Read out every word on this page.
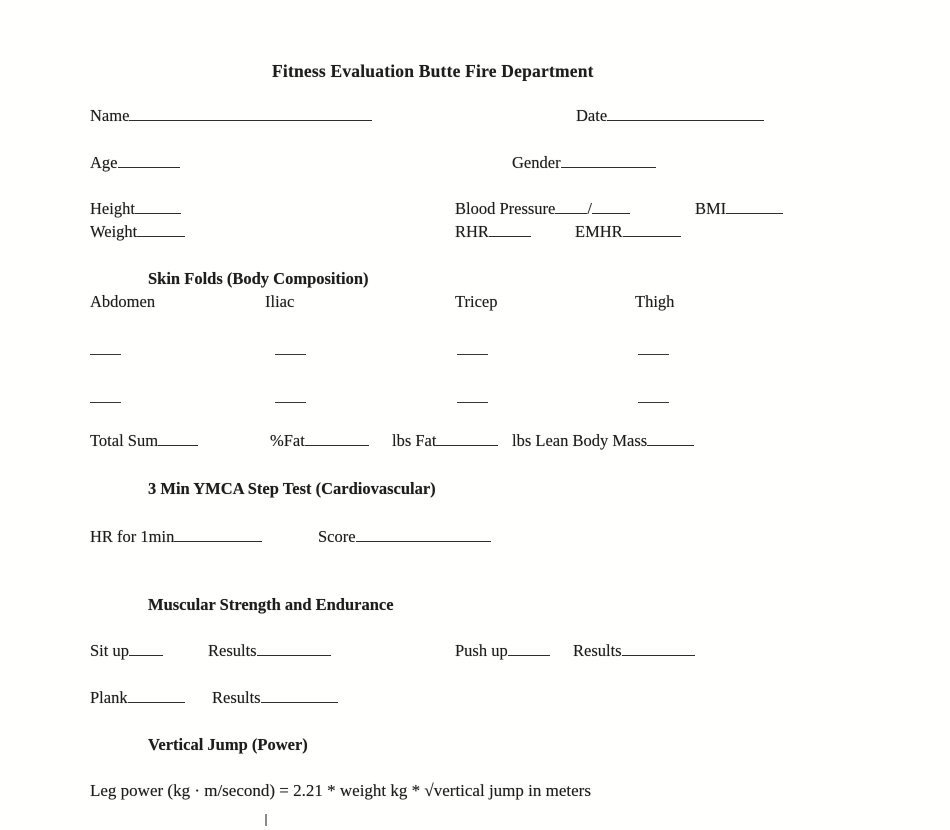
Fitness Evaluation Butte Fire Department
Name	Date
Age	Gender
Height	Blood Pressure /	BMI
Weight	RHR	EMHR
Skin Folds (Body Composition)
Abdomen	Iliac	Tricep	Thigh
Total Sum	%Fat	lbs Fat	lbs Lean Body Mass
3 Min YMCA Step Test (Cardiovascular)
HR for 1min	Score
Muscular Strength and Endurance
Sit up	Results	Push up	Results
Plank	Results
Vertical Jump (Power)
Leg power (kg · m/second) = 2.21 * weight kg * √vertical jump in meters
